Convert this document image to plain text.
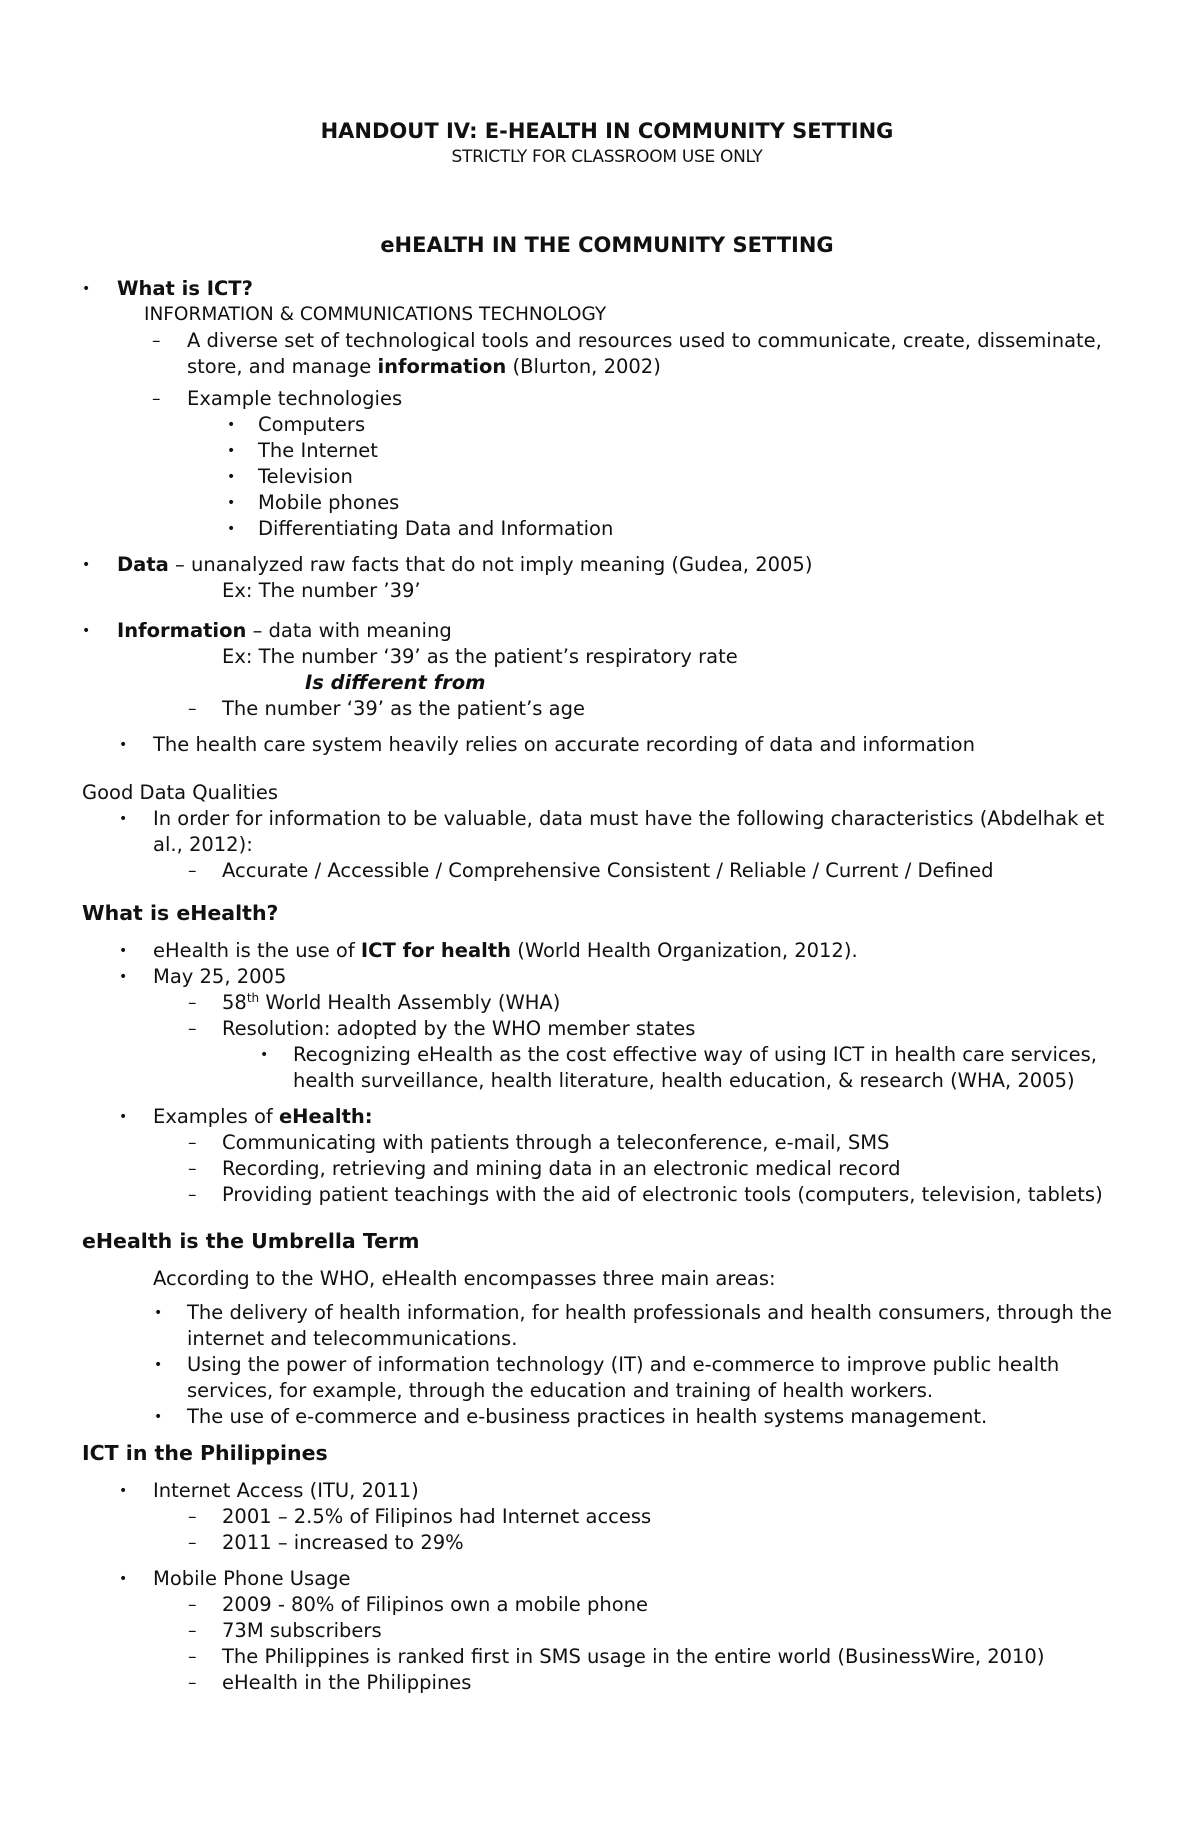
HANDOUT IV: E-HEALTH IN COMMUNITY SETTING
STRICTLY FOR CLASSROOM USE ONLY
eHEALTH IN THE COMMUNITY SETTING
• What is ICT?
INFORMATION & COMMUNICATIONS TECHNOLOGY
– A diverse set of technological tools and resources used to communicate, create, disseminate, store, and manage information (Blurton, 2002)
– Example technologies
• Computers
• The Internet
• Television
• Mobile phones
• Differentiating Data and Information
• Data – unanalyzed raw facts that do not imply meaning (Gudea, 2005)
Ex: The number ’39’
• Information – data with meaning
Ex: The number ‘39’ as the patient’s respiratory rate
Is different from
– The number ‘39’ as the patient’s age
• The health care system heavily relies on accurate recording of data and information
Good Data Qualities
• In order for information to be valuable, data must have the following characteristics (Abdelhak et al., 2012):
– Accurate / Accessible / Comprehensive Consistent / Reliable / Current / Defined
What is eHealth?
• eHealth is the use of ICT for health (World Health Organization, 2012).
• May 25, 2005
– 58th World Health Assembly (WHA)
– Resolution: adopted by the WHO member states
• Recognizing eHealth as the cost effective way of using ICT in health care services, health surveillance, health literature, health education, & research (WHA, 2005)
• Examples of eHealth:
– Communicating with patients through a teleconference, e-mail, SMS
– Recording, retrieving and mining data in an electronic medical record
– Providing patient teachings with the aid of electronic tools (computers, television, tablets)
eHealth is the Umbrella Term
According to the WHO, eHealth encompasses three main areas:
• The delivery of health information, for health professionals and health consumers, through the internet and telecommunications.
• Using the power of information technology (IT) and e-commerce to improve public health services, for example, through the education and training of health workers.
• The use of e-commerce and e-business practices in health systems management.
ICT in the Philippines
• Internet Access (ITU, 2011)
– 2001 – 2.5% of Filipinos had Internet access
– 2011 – increased to 29%
• Mobile Phone Usage
– 2009 - 80% of Filipinos own a mobile phone
– 73M subscribers
– The Philippines is ranked first in SMS usage in the entire world (BusinessWire, 2010)
– eHealth in the Philippines
